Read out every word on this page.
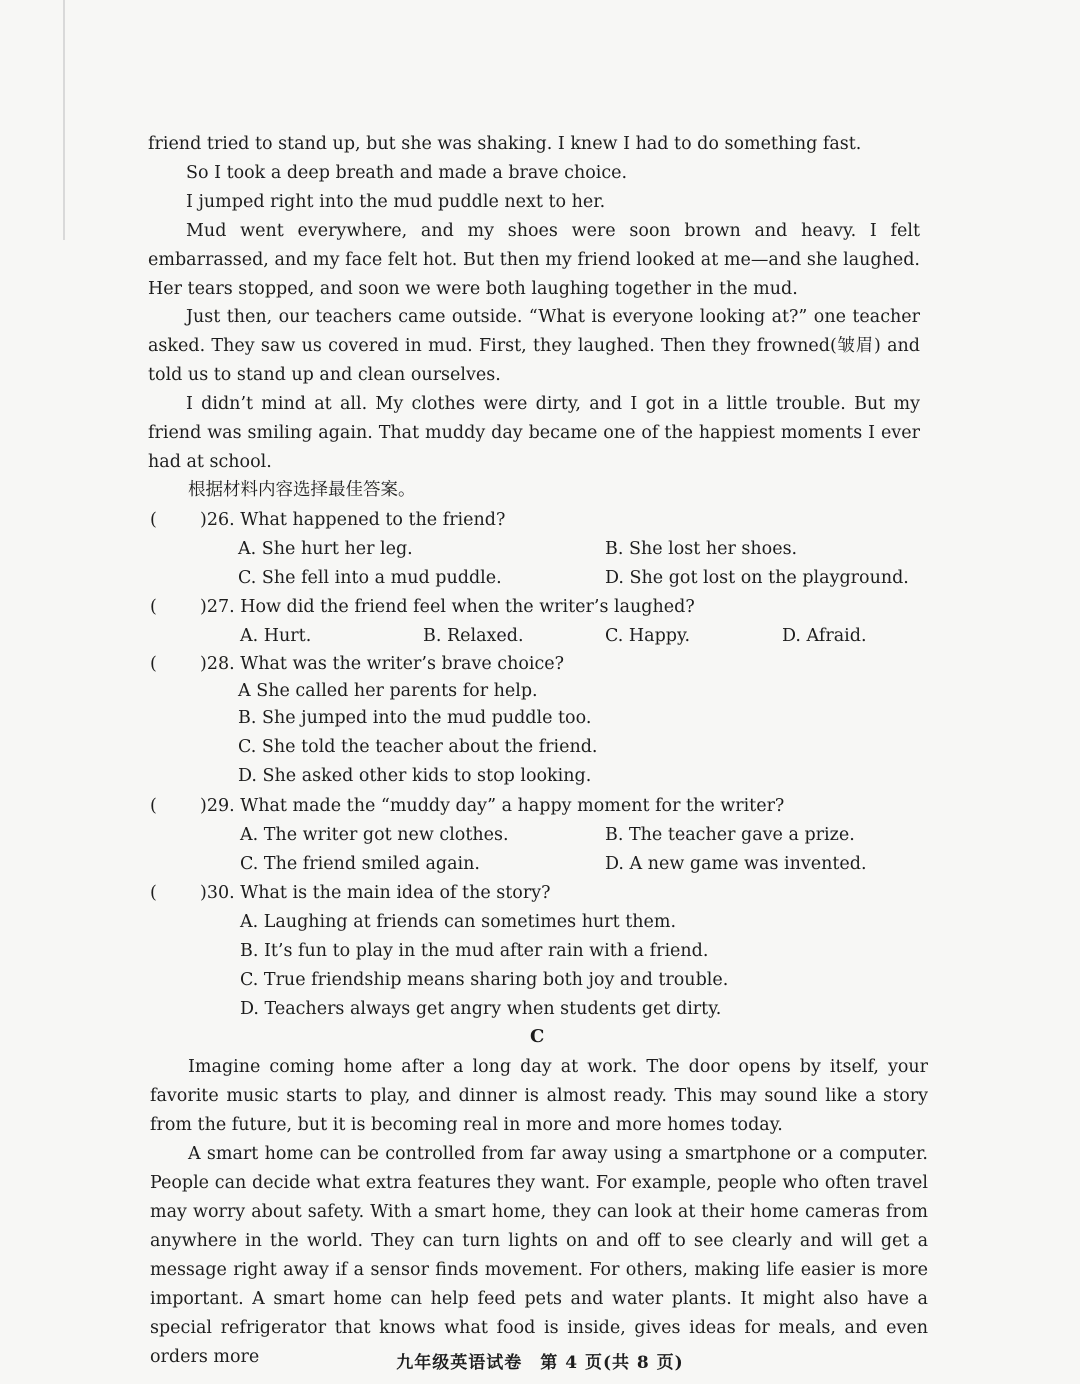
friend tried to stand up, but she was shaking. I knew I had to do something fast.

So I took a deep breath and made a brave choice.

I jumped right into the mud puddle next to her.

Mud went everywhere, and my shoes were soon brown and heavy. I felt embarrassed, and my face felt hot. But then my friend looked at me—and she laughed. Her tears stopped, and soon we were both laughing together in the mud.

Just then, our teachers came outside. “What is everyone looking at?” one teacher asked. They saw us covered in mud. First, they laughed. Then they frowned(皱眉) and told us to stand up and clean ourselves.

I didn’t mind at all. My clothes were dirty, and I got in a little trouble. But my friend was smiling again. That muddy day became one of the happiest moments I ever had at school.

根据材料内容选择最佳答案。

( )26. What happened to the friend?
A. She hurt her leg.	B. She lost her shoes.
C. She fell into a mud puddle.	D. She got lost on the playground.
( )27. How did the friend feel when the writer’s laughed?
A. Hurt.	B. Relaxed.	C. Happy.	D. Afraid.
( )28. What was the writer’s brave choice?
A She called her parents for help.
B. She jumped into the mud puddle too.
C. She told the teacher about the friend.
D. She asked other kids to stop looking.
( )29. What made the “muddy day” a happy moment for the writer?
A. The writer got new clothes.	B. The teacher gave a prize.
C. The friend smiled again.	D. A new game was invented.
( )30. What is the main idea of the story?
A. Laughing at friends can sometimes hurt them.
B. It’s fun to play in the mud after rain with a friend.
C. True friendship means sharing both joy and trouble.
D. Teachers always get angry when students get dirty.
C

Imagine coming home after a long day at work. The door opens by itself, your favorite music starts to play, and dinner is almost ready. This may sound like a story from the future, but it is becoming real in more and more homes today.

A smart home can be controlled from far away using a smartphone or a computer. People can decide what extra features they want. For example, people who often travel may worry about safety. With a smart home, they can look at their home cameras from anywhere in the world. They can turn lights on and off to see clearly and will get a message right away if a sensor finds movement. For others, making life easier is more important. A smart home can help feed pets and water plants. It might also have a special refrigerator that knows what food is inside, gives ideas for meals, and even orders more	九年级英语试卷　第 4 页(共 8 页)
